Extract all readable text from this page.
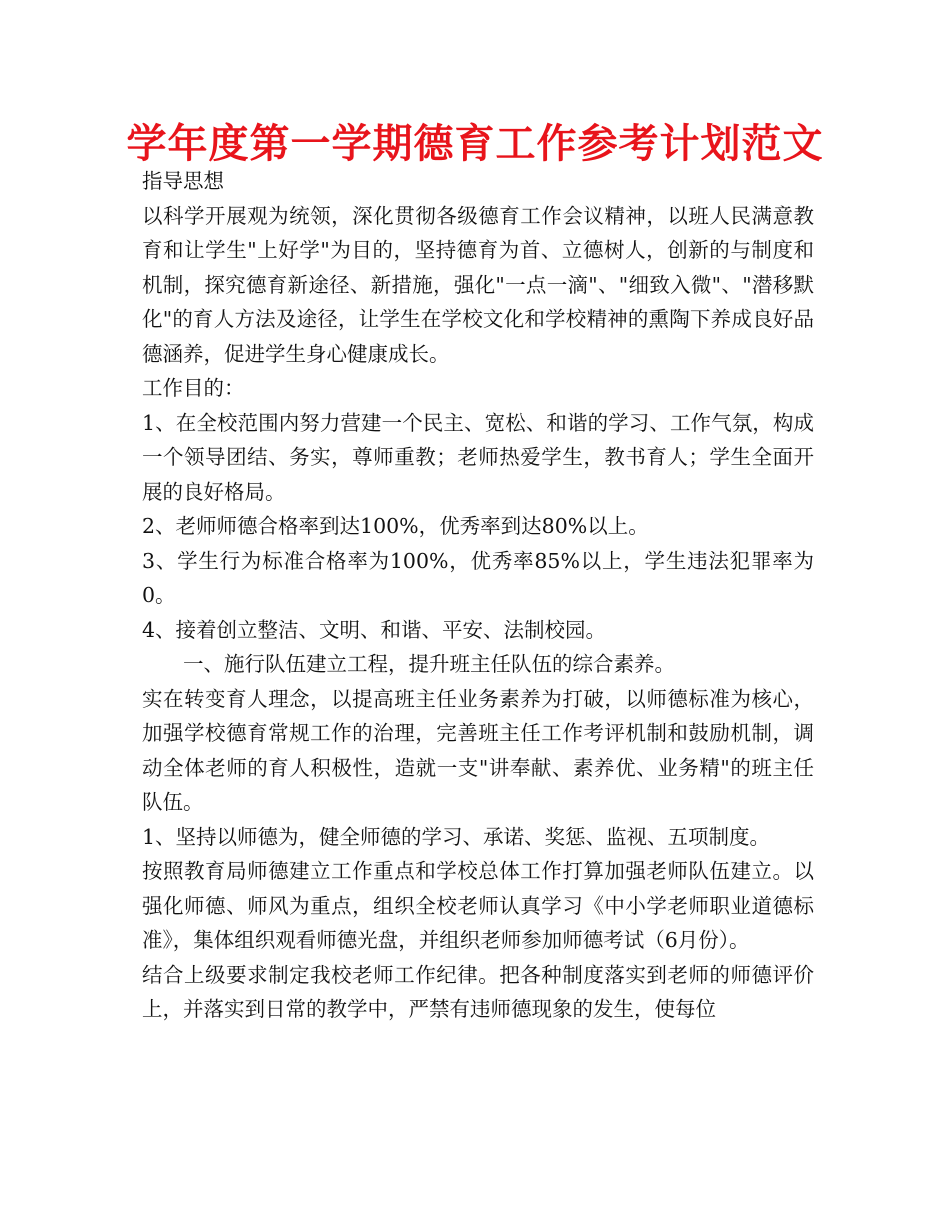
学年度第一学期德育工作参考计划范文

指导思想

以科学开展观为统领，深化贯彻各级德育工作会议精神，以班人民满意教育和让学生"上好学"为目的，坚持德育为首、立德树人，创新的与制度和机制，探究德育新途径、新措施，强化"一点一滴"、"细致入微"、"潜移默化"的育人方法及途径，让学生在学校文化和学校精神的熏陶下养成良好品德涵养，促进学生身心健康成长。

工作目的：

1、在全校范围内努力营建一个民主、宽松、和谐的学习、工作气氛，构成一个领导团结、务实，尊师重教；老师热爱学生，教书育人；学生全面开展的良好格局。

2、老师师德合格率到达100%，优秀率到达80%以上。

3、学生行为标准合格率为100%，优秀率85%以上，学生违法犯罪率为0。

4、接着创立整洁、文明、和谐、平安、法制校园。

一、施行队伍建立工程，提升班主任队伍的综合素养。

实在转变育人理念，以提高班主任业务素养为打破，以师德标准为核心，加强学校德育常规工作的治理，完善班主任工作考评机制和鼓励机制，调动全体老师的育人积极性，造就一支"讲奉献、素养优、业务精"的班主任队伍。

1、坚持以师德为，健全师德的学习、承诺、奖惩、监视、五项制度。

按照教育局师德建立工作重点和学校总体工作打算加强老师队伍建立。以强化师德、师风为重点，组织全校老师认真学习《中小学老师职业道德标准》，集体组织观看师德光盘，并组织老师参加师德考试（6月份）。

结合上级要求制定我校老师工作纪律。把各种制度落实到老师的师德评价上，并落实到日常的教学中，严禁有违师德现象的发生，使每位
